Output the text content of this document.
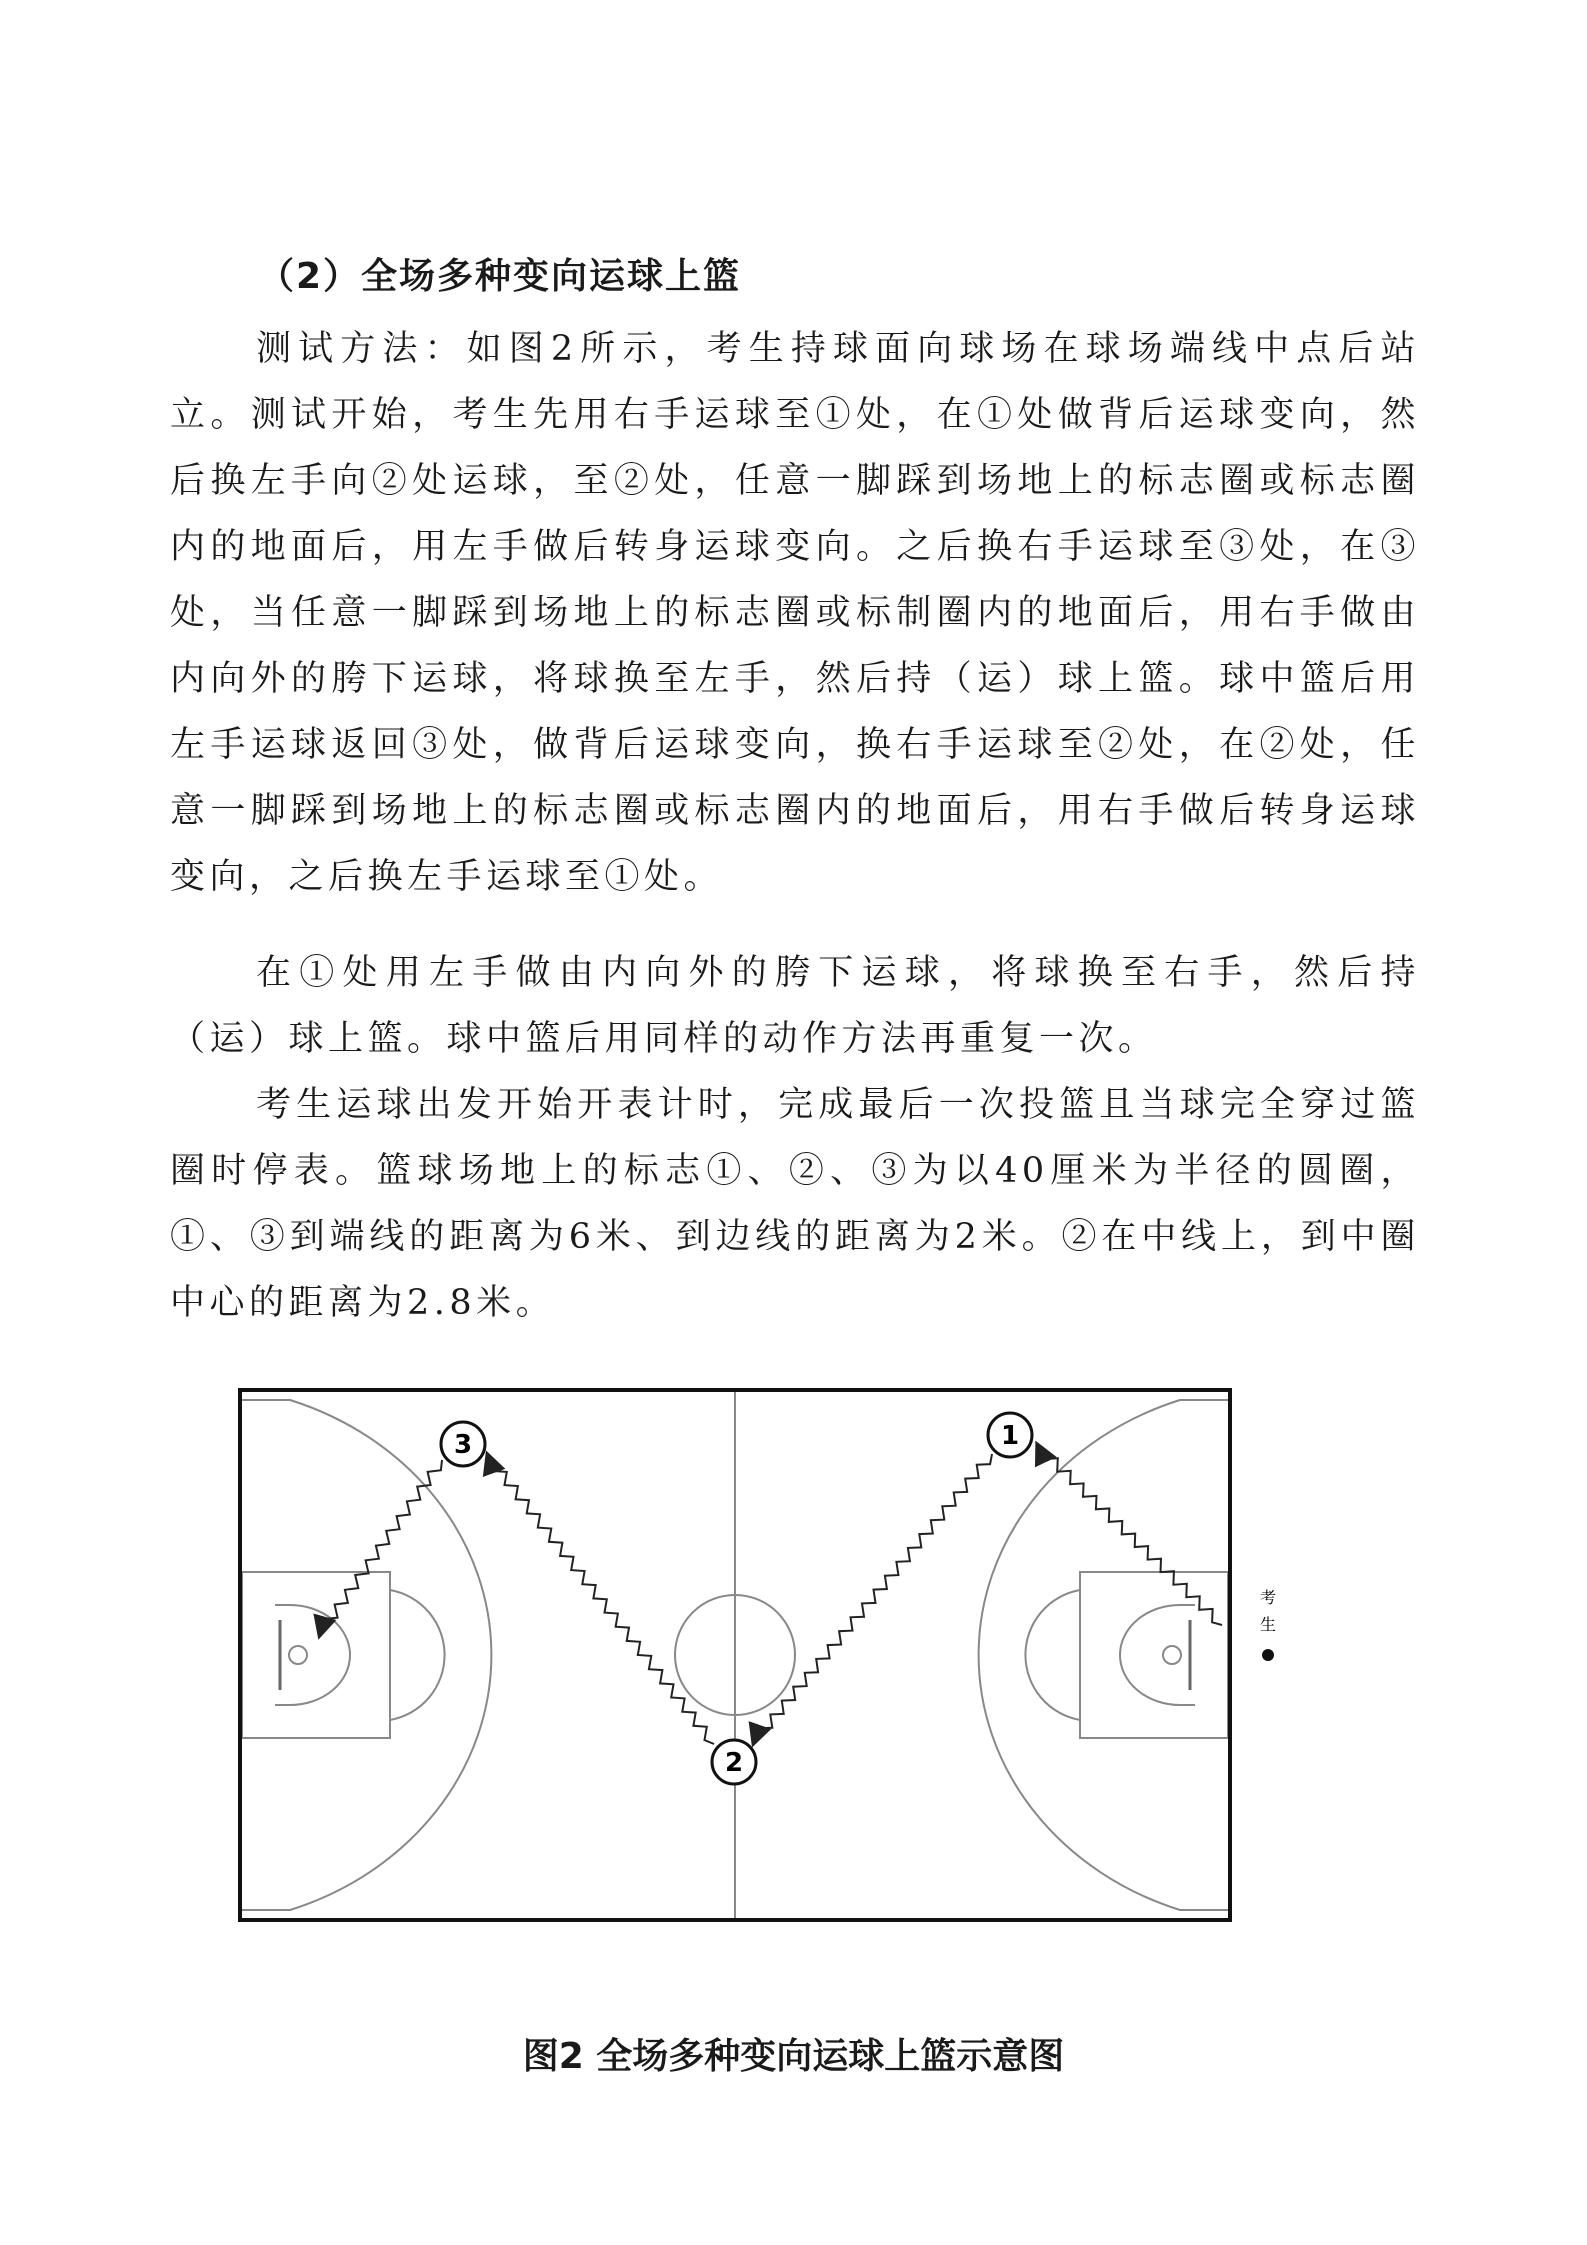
（2）全场多种变向运球上篮

测试方法：如图2所示，考生持球面向球场在球场端线中点后站立。测试开始，考生先用右手运球至①处，在①处做背后运球变向，然后换左手向②处运球，至②处，任意一脚踩到场地上的标志圈或标志圈内的地面后，用左手做后转身运球变向。之后换右手运球至③处，在③处，当任意一脚踩到场地上的标志圈或标制圈内的地面后，用右手做由内向外的胯下运球，将球换至左手，然后持（运）球上篮。球中篮后用左手运球返回③处，做背后运球变向，换右手运球至②处，在②处，任意一脚踩到场地上的标志圈或标志圈内的地面后，用右手做后转身运球变向，之后换左手运球至①处。

在①处用左手做由内向外的胯下运球，将球换至右手，然后持（运）球上篮。球中篮后用同样的动作方法再重复一次。

考生运球出发开始开表计时，完成最后一次投篮且当球完全穿过篮圈时停表。篮球场地上的标志①、②、③为以40厘米为半径的圆圈，①、③到端线的距离为6米、到边线的距离为2米。②在中线上，到中圈中心的距离为2.8米。

3	1
2
考
生
图2 全场多种变向运球上篮示意图
